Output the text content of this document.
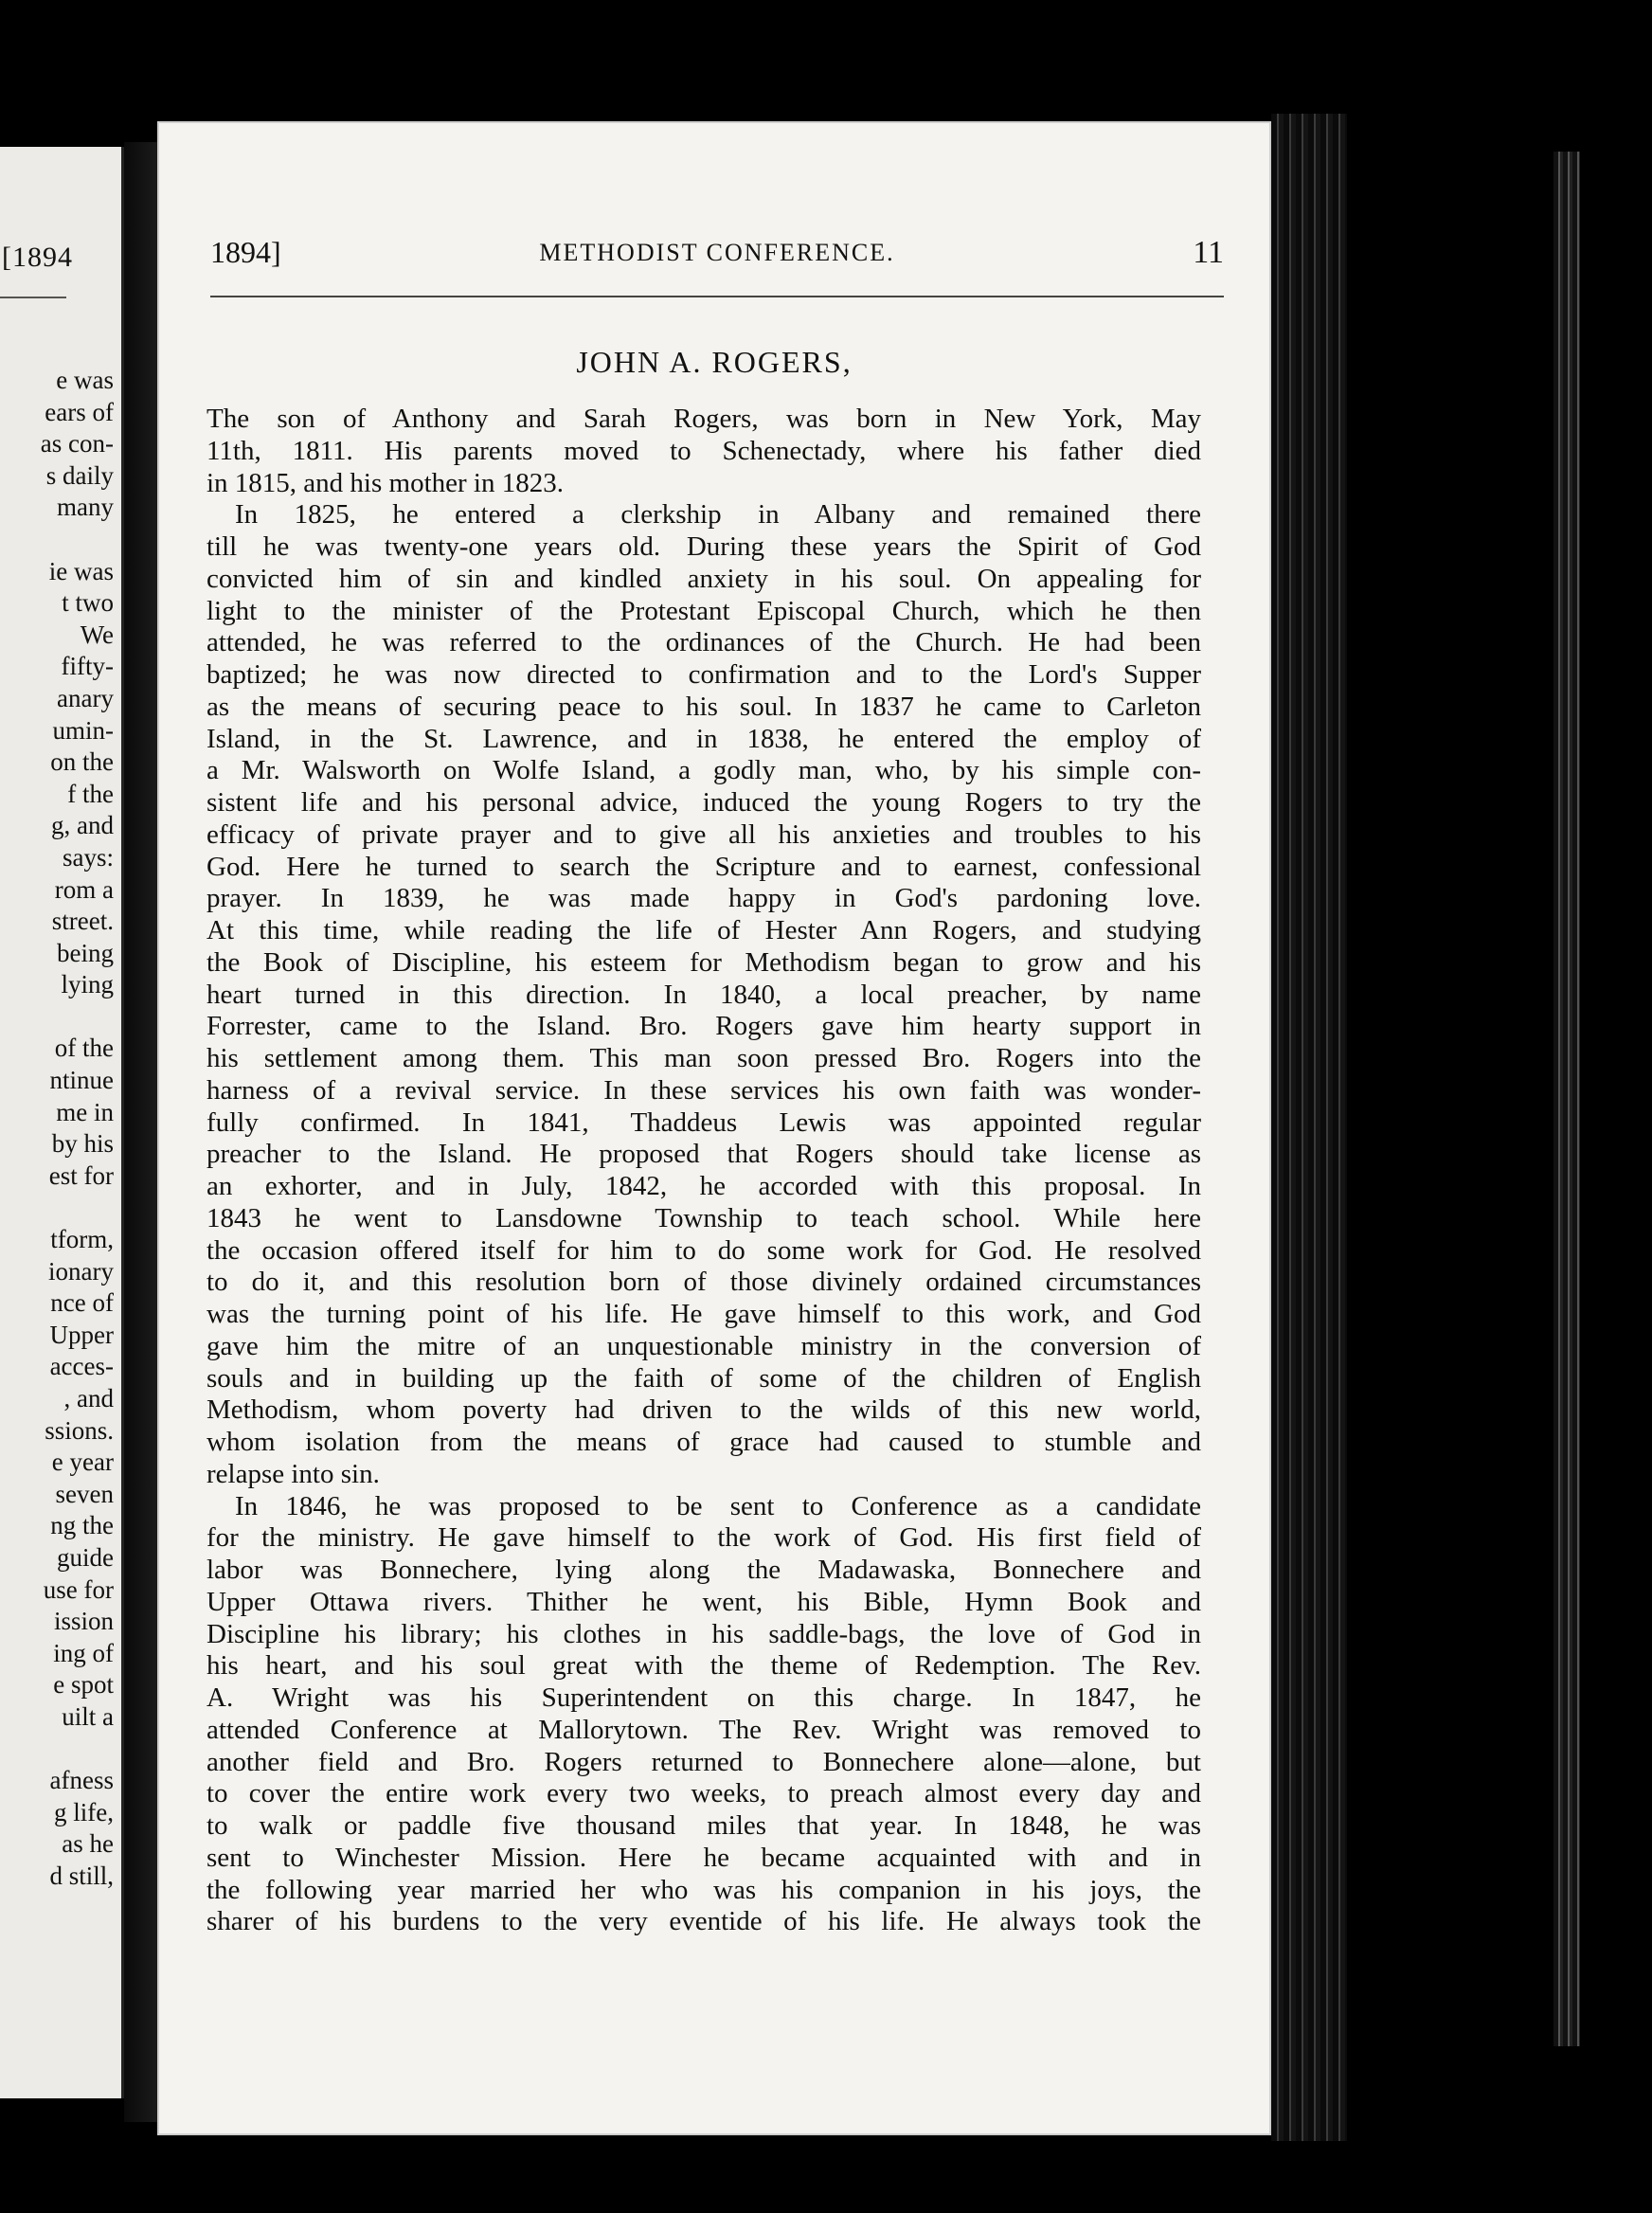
[1894
e was
ears of
as con-
s daily
many
ie was
t two
We
fifty-
anary
umin-
on the
f the
g, and
says:
rom a
street.
being
lying
of the
ntinue
me in
by his
est for
tform,
ionary
nce of
Upper
acces-
, and
ssions.
e year
seven
ng the
guide
use for
ission
ing of
e spot
uilt a
afness
g life,
as he
d still,
1894]	METHODIST CONFERENCE.	11
JOHN A. ROGERS,
The son of Anthony and Sarah Rogers, was born in New York, May
11th, 1811. His parents moved to Schenectady, where his father died
in 1815, and his mother in 1823.
In 1825, he entered a clerkship in Albany and remained there
till he was twenty-one years old. During these years the Spirit of God
convicted him of sin and kindled anxiety in his soul. On appealing for
light to the minister of the Protestant Episcopal Church, which he then
attended, he was referred to the ordinances of the Church. He had been
baptized; he was now directed to confirmation and to the Lord's Supper
as the means of securing peace to his soul. In 1837 he came to Carleton
Island, in the St. Lawrence, and in 1838, he entered the employ of
a Mr. Walsworth on Wolfe Island, a godly man, who, by his simple con-
sistent life and his personal advice, induced the young Rogers to try the
efficacy of private prayer and to give all his anxieties and troubles to his
God. Here he turned to search the Scripture and to earnest, confessional
prayer. In 1839, he was made happy in God's pardoning love.
At this time, while reading the life of Hester Ann Rogers, and studying
the Book of Discipline, his esteem for Methodism began to grow and his
heart turned in this direction. In 1840, a local preacher, by name
Forrester, came to the Island. Bro. Rogers gave him hearty support in
his settlement among them. This man soon pressed Bro. Rogers into the
harness of a revival service. In these services his own faith was wonder-
fully confirmed. In 1841, Thaddeus Lewis was appointed regular
preacher to the Island. He proposed that Rogers should take license as
an exhorter, and in July, 1842, he accorded with this proposal. In
1843 he went to Lansdowne Township to teach school. While here
the occasion offered itself for him to do some work for God. He resolved
to do it, and this resolution born of those divinely ordained circumstances
was the turning point of his life. He gave himself to this work, and God
gave him the mitre of an unquestionable ministry in the conversion of
souls and in building up the faith of some of the children of English
Methodism, whom poverty had driven to the wilds of this new world,
whom isolation from the means of grace had caused to stumble and
relapse into sin.
In 1846, he was proposed to be sent to Conference as a candidate
for the ministry. He gave himself to the work of God. His first field of
labor was Bonnechere, lying along the Madawaska, Bonnechere and
Upper Ottawa rivers. Thither he went, his Bible, Hymn Book and
Discipline his library; his clothes in his saddle-bags, the love of God in
his heart, and his soul great with the theme of Redemption. The Rev.
A. Wright was his Superintendent on this charge. In 1847, he
attended Conference at Mallorytown. The Rev. Wright was removed to
another field and Bro. Rogers returned to Bonnechere alone—alone, but
to cover the entire work every two weeks, to preach almost every day and
to walk or paddle five thousand miles that year. In 1848, he was
sent to Winchester Mission. Here he became acquainted with and in
the following year married her who was his companion in his joys, the
sharer of his burdens to the very eventide of his life. He always took the
